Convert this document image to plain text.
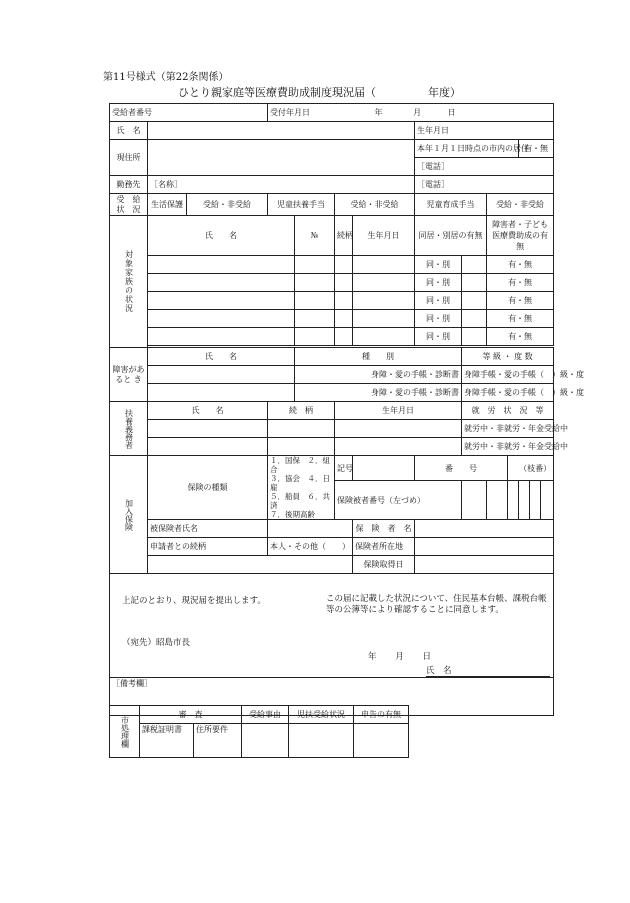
第11号様式（第22条関係）
ひとり親家庭等医療費助成制度現況届（	年度）
受給者番号			受付年月日 年 月 日										
氏　名							生年月日						
現住所							本年１月１日時点の市内の居住				有・無		
							［電話］						
勤務先	［名称］						［電話］						
受　給
状　況	生活保護	受給・非受給	児童扶養手当		受給・非受給		児童育成手当		受給・非受給				
対象家族の状況	氏　　名			№	続柄	生年月日	同居・別居の有無		障害者・子ども医療費助成の有無				
							同・別		有・無				
							同・別		有・無				
							同・別		有・無				
							同・別		有・無				
							同・別		有・無				

障害があると き	氏　　名			種　　別				等 級 ・ 度 数					
				身障・愛の手帳・診断書				身障手帳・愛の手帳（　）級・度					
				身障・愛の手帳・診断書				身障手帳・愛の手帳（　）級・度					
扶養義務者	氏　　名		続　柄		生年月日			就　労　状　況　等					
								就労中・非就労・年金受給中					
								就労中・非就労・年金受給中					
加入保険	保険の種類		１．国保　２．組合
３．協会　４．日雇
５．船員　６．共済
７．後期高齢		記号		番　　号			（枝番）			
					保険被者番号（左づめ）								
	被保険者氏名					保　険　者　名							
	申請者との続柄		本人・その他（　　）			保険者所在地							
						保険取得日							

上記のとおり、現況届を提出します。 この届に記載した状況について、住民基本台帳、課税台帳等の公簿等により確認することに同意します。
（宛先）昭島市長
年 月 日
氏　名													

［備考欄］													
市処理欄	審　査		受給事由	児扶受給状況	申告の有無
	課税証明書	住所要件			
